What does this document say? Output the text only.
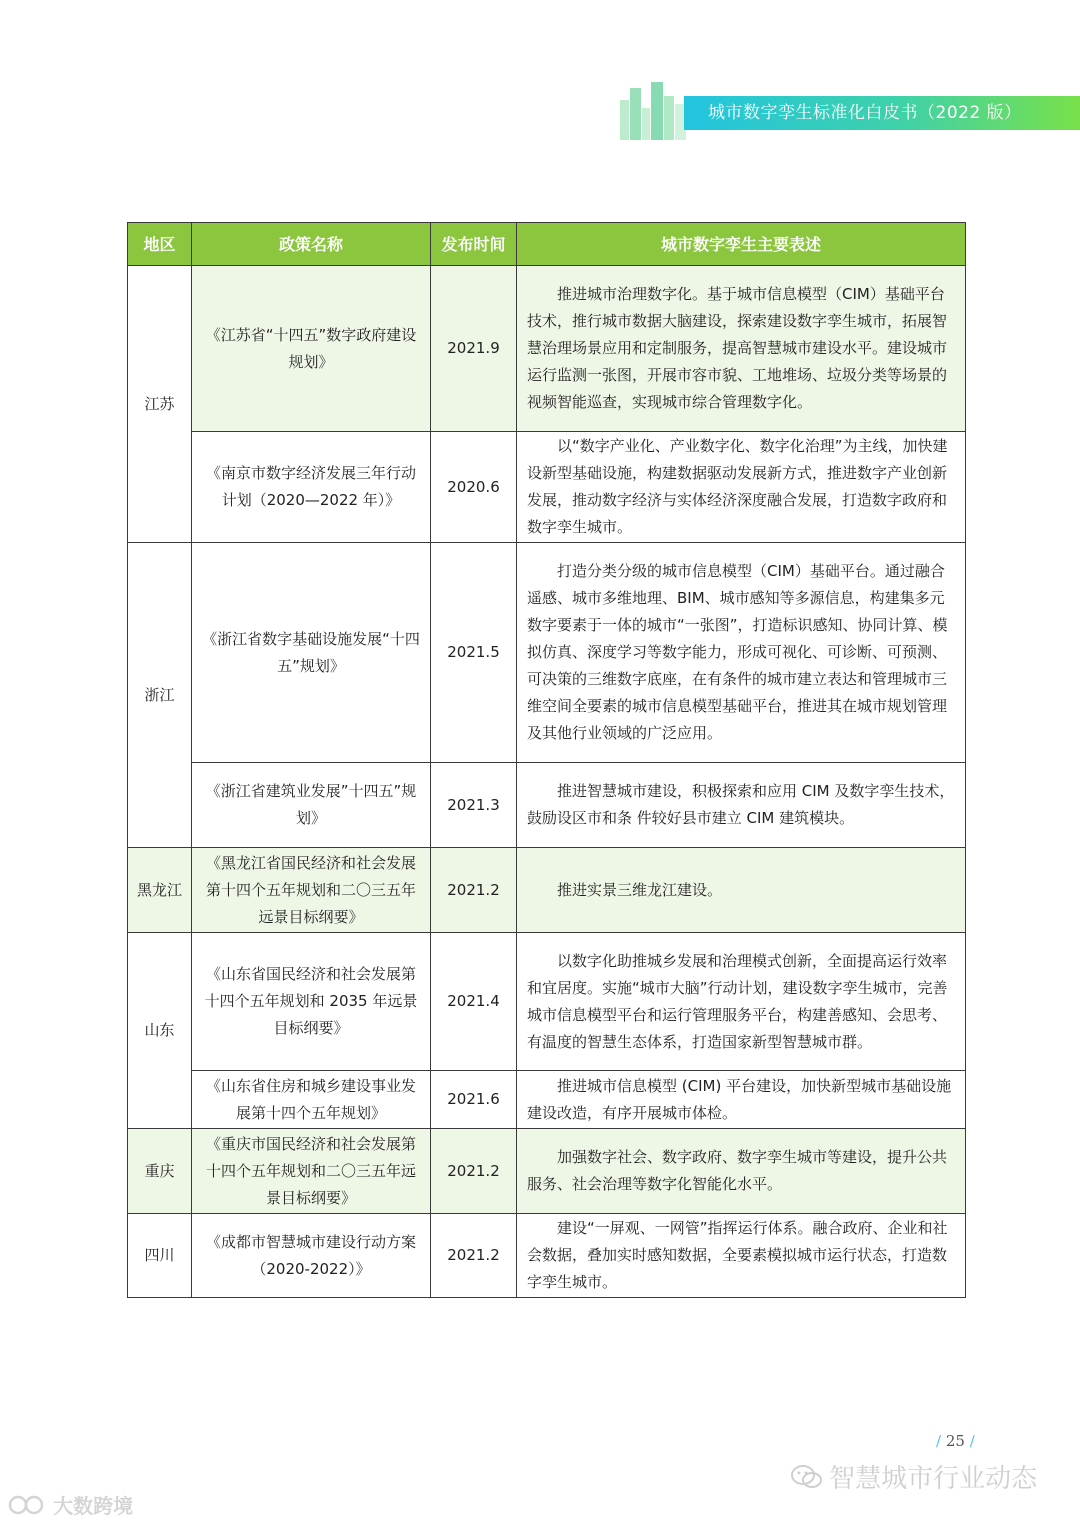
城市数字孪生标准化白皮书（2022 版）
地区	政策名称	发布时间	城市数字孪生主要表述
江苏	《江苏省“十四五”数字政府建设规划》	2021.9	推进城市治理数字化。基于城市信息模型（CIM）基础平台技术，推行城市数据大脑建设，探索建设数字孪生城市，拓展智慧治理场景应用和定制服务，提高智慧城市建设水平。建设城市运行监测一张图，开展市容市貌、工地堆场、垃圾分类等场景的视频智能巡查，实现城市综合管理数字化。
	《南京市数字经济发展三年行动计划（2020—2022 年）》	2020.6	以“数字产业化、产业数字化、数字化治理”为主线，加快建设新型基础设施，构建数据驱动发展新方式，推进数字产业创新发展，推动数字经济与实体经济深度融合发展，打造数字政府和数字孪生城市。
浙江	《浙江省数字基础设施发展“十四五”规划》	2021.5	打造分类分级的城市信息模型（CIM）基础平台。通过融合遥感、城市多维地理、BIM、城市感知等多源信息，构建集多元数字要素于一体的城市“一张图”，打造标识感知、协同计算、模拟仿真、深度学习等数字能力，形成可视化、可诊断、可预测、可决策的三维数字底座，在有条件的城市建立表达和管理城市三维空间全要素的城市信息模型基础平台，推进其在城市规划管理及其他行业领域的广泛应用。
	《浙江省建筑业发展”十四五”规划》	2021.3	推进智慧城市建设，积极探索和应用 CIM 及数字孪生技术，鼓励设区市和条 件较好县市建立 CIM 建筑模块。
黑龙江	《黑龙江省国民经济和社会发展第十四个五年规划和二〇三五年远景目标纲要》	2021.2	推进实景三维龙江建设。
山东	《山东省国民经济和社会发展第十四个五年规划和 2035 年远景目标纲要》	2021.4	以数字化助推城乡发展和治理模式创新，全面提高运行效率和宜居度。实施“城市大脑”行动计划，建设数字孪生城市，完善城市信息模型平台和运行管理服务平台，构建善感知、会思考、有温度的智慧生态体系，打造国家新型智慧城市群。
	《山东省住房和城乡建设事业发展第十四个五年规划》	2021.6	推进城市信息模型 (CIM) 平台建设，加快新型城市基础设施建设改造，有序开展城市体检。
重庆	《重庆市国民经济和社会发展第十四个五年规划和二〇三五年远景目标纲要》	2021.2	加强数字社会、数字政府、数字孪生城市等建设，提升公共服务、社会治理等数字化智能化水平。
四川	《成都市智慧城市建设行动方案（2020-2022）》	2021.2	建设“一屏观、一网管”指挥运行体系。融合政府、企业和社会数据，叠加实时感知数据，全要素模拟城市运行状态，打造数字孪生城市。
/ 25 /
智慧城市行业动态
大数跨境
